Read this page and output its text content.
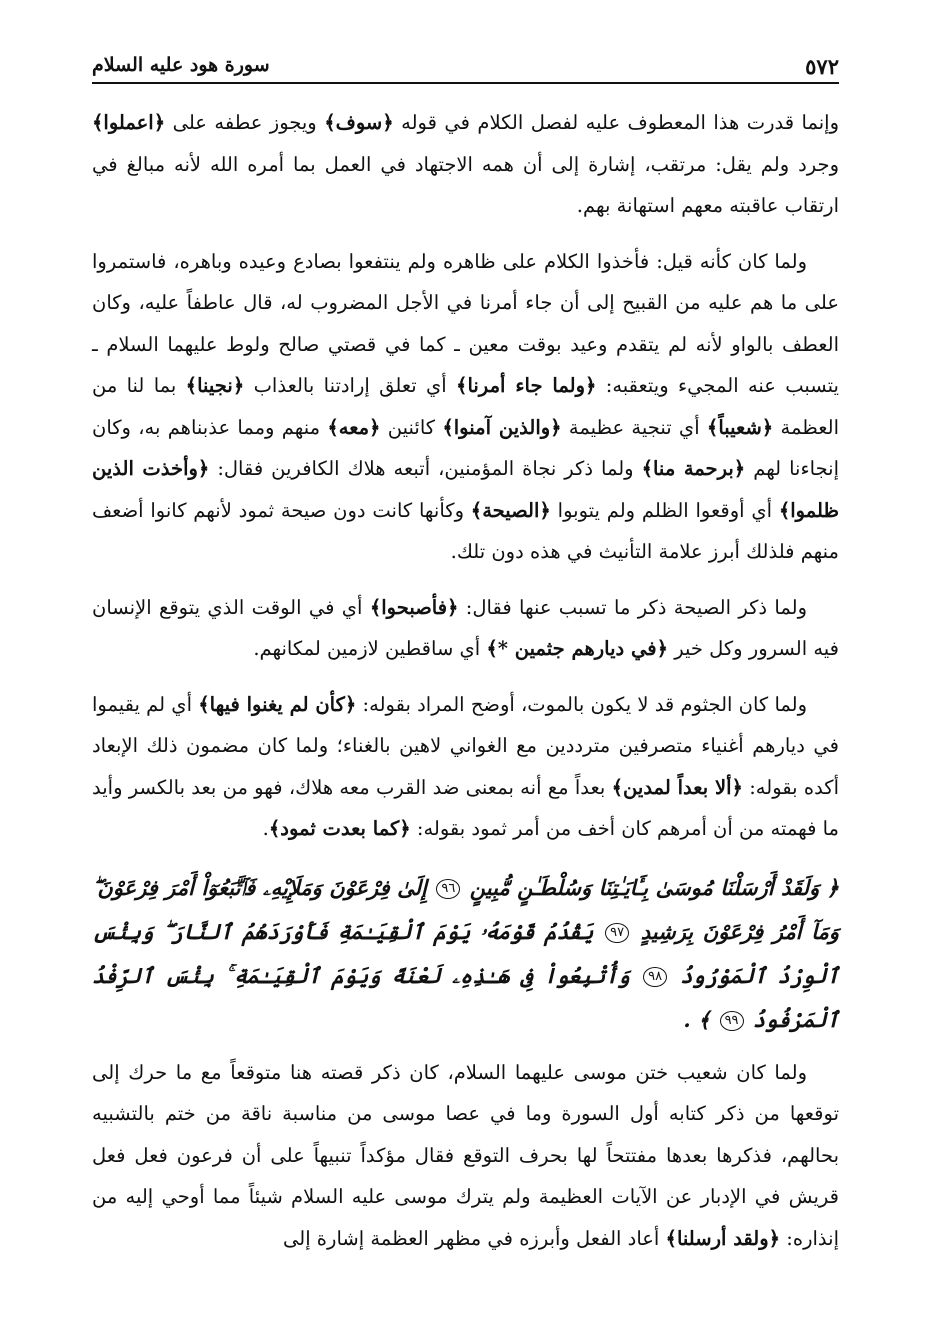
٥٧٢
سورة هود عليه السلام

وإنما قدرت هذا المعطوف عليه لفصل الكلام في قوله ﴿سوف﴾ ويجوز عطفه على ﴿اعملوا﴾ وجرد ولم يقل: مرتقب، إشارة إلى أن همه الاجتهاد في العمل بما أمره الله لأنه مبالغ في ارتقاب عاقبته معهم استهانة بهم.

ولما كان كأنه قيل: فأخذوا الكلام على ظاهره ولم ينتفعوا بصادع وعيده وباهره، فاستمروا على ما هم عليه من القبيح إلى أن جاء أمرنا في الأجل المضروب له، قال عاطفاً عليه، وكان العطف بالواو لأنه لم يتقدم وعيد بوقت معين ـ كما في قصتي صالح ولوط عليهما السلام ـ يتسبب عنه المجيء ويتعقبه: ﴿ولما جاء أمرنا﴾ أي تعلق إرادتنا بالعذاب ﴿نجينا﴾ بما لنا من العظمة ﴿شعيباً﴾ أي تنجية عظيمة ﴿والذين آمنوا﴾ كائنين ﴿معه﴾ منهم ومما عذبناهم به، وكان إنجاءنا لهم ﴿برحمة منا﴾ ولما ذكر نجاة المؤمنين، أتبعه هلاك الكافرين فقال: ﴿وأخذت الذين ظلموا﴾ أي أوقعوا الظلم ولم يتوبوا ﴿الصيحة﴾ وكأنها كانت دون صيحة ثمود لأنهم كانوا أضعف منهم فلذلك أبرز علامة التأنيث في هذه دون تلك.

ولما ذكر الصيحة ذكر ما تسبب عنها فقال: ﴿فأصبحوا﴾ أي في الوقت الذي يتوقع الإنسان فيه السرور وكل خير ﴿في ديارهم جثمين *﴾ أي ساقطين لازمين لمكانهم.

ولما كان الجثوم قد لا يكون بالموت، أوضح المراد بقوله: ﴿كأن لم يغنوا فيها﴾ أي لم يقيموا في ديارهم أغنياء متصرفين مترددين مع الغواني لاهين بالغناء؛ ولما كان مضمون ذلك الإبعاد أكده بقوله: ﴿ألا بعداً لمدين﴾ بعداً مع أنه بمعنى ضد القرب معه هلاك، فهو من بعد بالكسر وأيد ما فهمته من أن أمرهم كان أخف من أمر ثمود بقوله: ﴿كما بعدت ثمود﴾.

﴿ وَلَقَدْ أَرْسَلْنَا مُوسَىٰ بِـَٔايَـٰتِنَا وَسُلْطَـٰنٍ مُّبِينٍ ٩٦ إِلَىٰ فِرْعَوْنَ وَمَلَإِيْهِۦ فَٱتَّبَعُوٓاْ أَمْرَ فِرْعَوْنَ ۖ وَمَآ أَمْرُ فِرْعَوْنَ بِرَشِيدٍ ٩٧ يَقْدُمُ قَوْمَهُۥ يَوْمَ ٱلْقِيَـٰمَةِ فَأَوْرَدَهُمُ ٱلنَّارَ ۖ وَبِئْسَ ٱلْوِرْدُ ٱلْمَوْرُودُ ٩٨ وَأُتْبِعُواْ فِى هَـٰذِهِۦ لَعْنَةً وَيَوْمَ ٱلْقِيَـٰمَةِ ۚ بِئْسَ ٱلرِّفْدُ ٱلْمَرْفُودُ ٩٩ ﴾ .

ولما كان شعيب ختن موسى عليهما السلام، كان ذكر قصته هنا متوقعاً مع ما حرك إلى توقعها من ذكر كتابه أول السورة وما في عصا موسى من مناسبة ناقة من ختم بالتشبيه بحالهم، فذكرها بعدها مفتتحاً لها بحرف التوقع فقال مؤكداً تنبيهاً على أن فرعون فعل فعل قريش في الإدبار عن الآيات العظيمة ولم يترك موسى عليه السلام شيئاً مما أوحي إليه من إنذاره: ﴿ولقد أرسلنا﴾ أعاد الفعل وأبرزه في مظهر العظمة إشارة إلى
